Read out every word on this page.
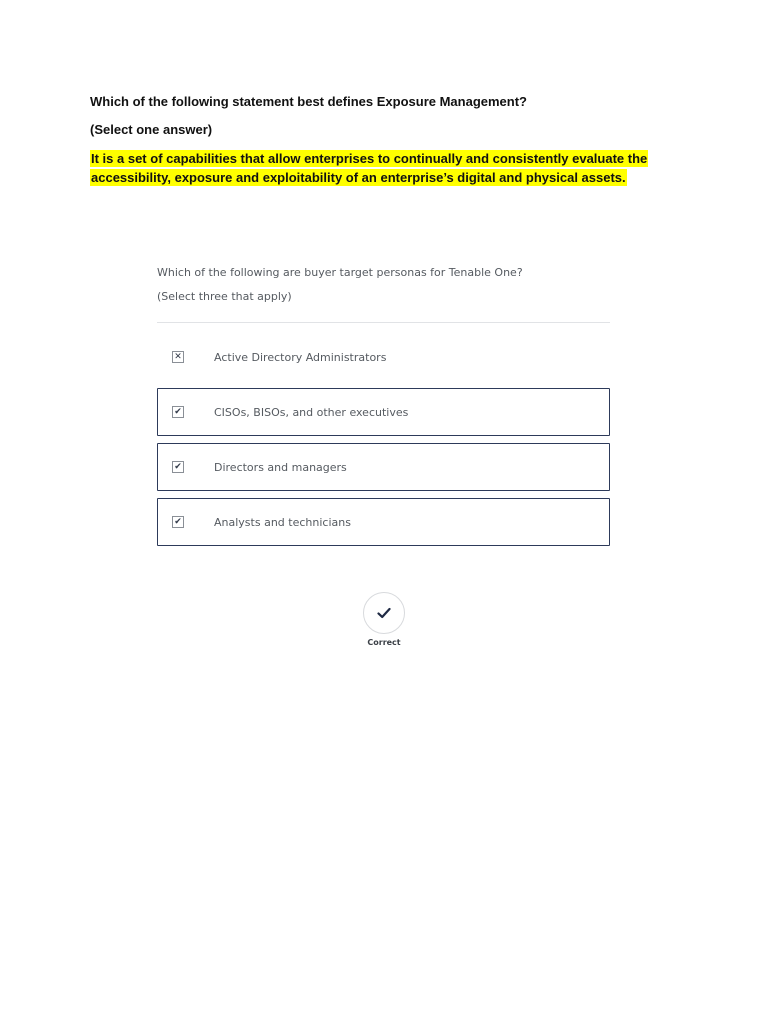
Which of the following statement best defines Exposure Management?

(Select one answer)

It is a set of capabilities that allow enterprises to continually and consistently evaluate the accessibility, exposure and exploitability of an enterprise’s digital and physical assets.

Which of the following are buyer target personas for Tenable One?

(Select three that apply)

✕	Active Directory Administrators
✔	CISOs, BISOs, and other executives
✔	Directors and managers
✔	Analysts and technicians
Correct
